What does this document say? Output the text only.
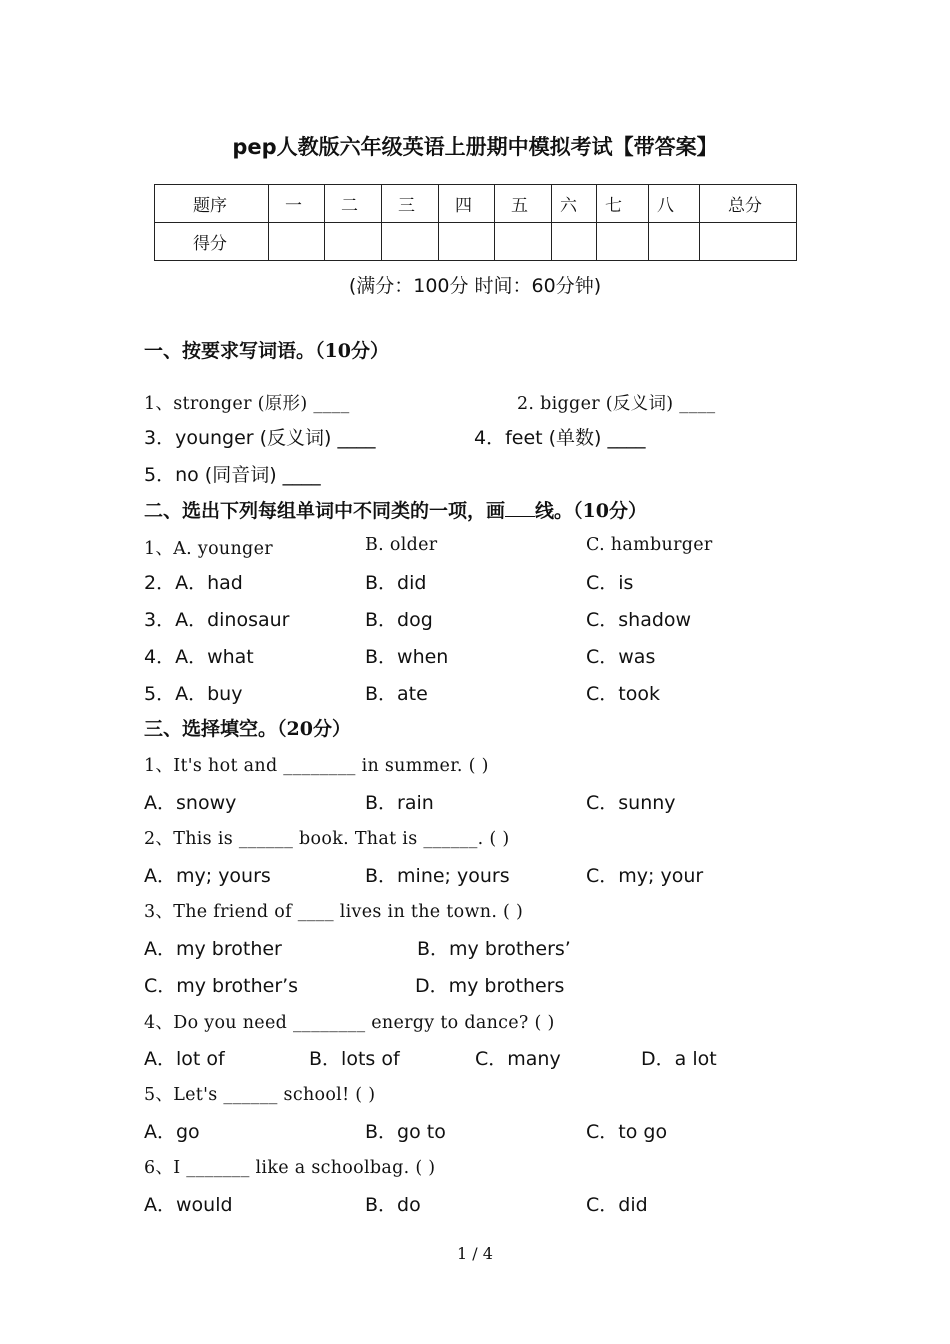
pep人教版六年级英语上册期中模拟考试【带答案】
题序	一	二	三	四	五	六	七	八	总分
得分									
(满分：100分 时间：60分钟)
一、按要求写词语。（10分）
1、stronger (原形) ____	2. bigger (反义词) ____
3．younger (反义词) ____	4．feet (单数) ____
5．no (同音词) ____
二、选出下列每组单词中不同类的一项，画 线。（10分）
1、A. younger	B. older	C. hamburger
2．A．had	B．did	C．is
3．A．dinosaur	B．dog	C．shadow
4．A．what	B．when	C．was
5．A．buy	B．ate	C．took
三、选择填空。（20分）
1、It's hot and ________ in summer. ( )
A．snowy	B．rain	C．sunny
2、This is ______ book. That is ______. ( )
A．my; yours	B．mine; yours	C．my; your
3、The friend of ____ lives in the town. ( )
A．my brother	B．my brothers’
C．my brother’s	D．my brothers
4、Do you need ________ energy to dance? ( )
A．lot of	B．lots of	C．many	D．a lot
5、Let's ______ school! ( )
A．go	B．go to	C．to go
6、I _______ like a schoolbag. ( )
A．would	B．do	C．did
1 / 4
